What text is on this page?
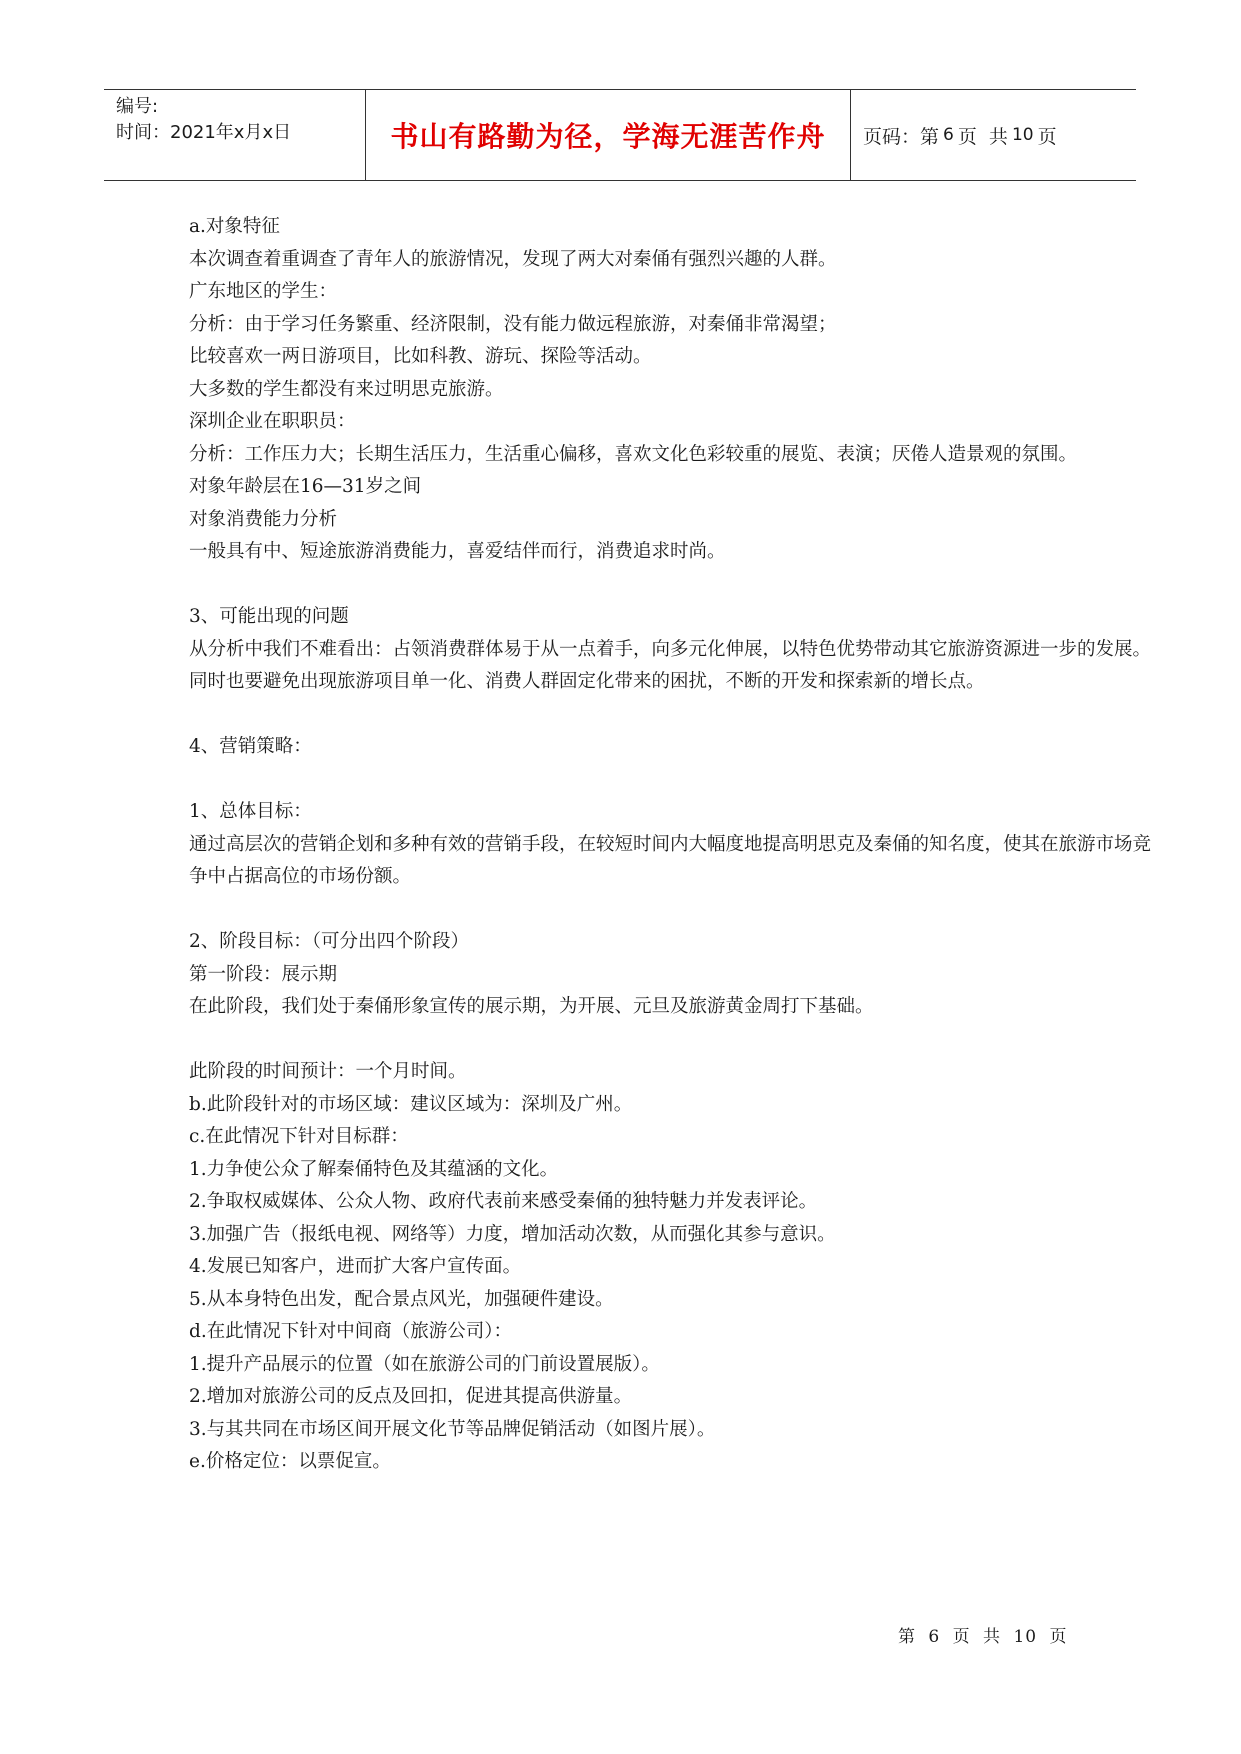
编号:
时间：2021年x月x日	书山有路勤为径，学海无涯苦作舟	页码：第 6 页  共 10 页

a.对象特征

本次调查着重调查了青年人的旅游情况，发现了两大对秦俑有强烈兴趣的人群。

广东地区的学生：

分析：由于学习任务繁重、经济限制，没有能力做远程旅游，对秦俑非常渴望；

比较喜欢一两日游项目，比如科教、游玩、探险等活动。

大多数的学生都没有来过明思克旅游。

深圳企业在职职员：

分析：工作压力大；长期生活压力，生活重心偏移，喜欢文化色彩较重的展览、表演；厌倦人造景观的氛围。

对象年龄层在16—31岁之间

对象消费能力分析

一般具有中、短途旅游消费能力，喜爱结伴而行，消费追求时尚。

3、可能出现的问题

从分析中我们不难看出：占领消费群体易于从一点着手，向多元化伸展，以特色优势带动其它旅游资源进一步的发展。同时也要避免出现旅游项目单一化、消费人群固定化带来的困扰，不断的开发和探索新的增长点。

4、营销策略：

1、总体目标：

通过高层次的营销企划和多种有效的营销手段，在较短时间内大幅度地提高明思克及秦俑的知名度，使其在旅游市场竞争中占据高位的市场份额。

2、阶段目标：（可分出四个阶段）

第一阶段：展示期

在此阶段，我们处于秦俑形象宣传的展示期，为开展、元旦及旅游黄金周打下基础。

此阶段的时间预计：一个月时间。

b.此阶段针对的市场区域：建议区域为：深圳及广州。

c.在此情况下针对目标群：

1.力争使公众了解秦俑特色及其蕴涵的文化。

2.争取权威媒体、公众人物、政府代表前来感受秦俑的独特魅力并发表评论。

3.加强广告（报纸电视、网络等）力度，增加活动次数，从而强化其参与意识。

4.发展已知客户，进而扩大客户宣传面。

5.从本身特色出发，配合景点风光，加强硬件建设。

d.在此情况下针对中间商（旅游公司）：

1.提升产品展示的位置（如在旅游公司的门前设置展版）。

2.增加对旅游公司的反点及回扣，促进其提高供游量。

3.与其共同在市场区间开展文化节等品牌促销活动（如图片展）。

e.价格定位：以票促宣。

第 6 页 共 10 页
